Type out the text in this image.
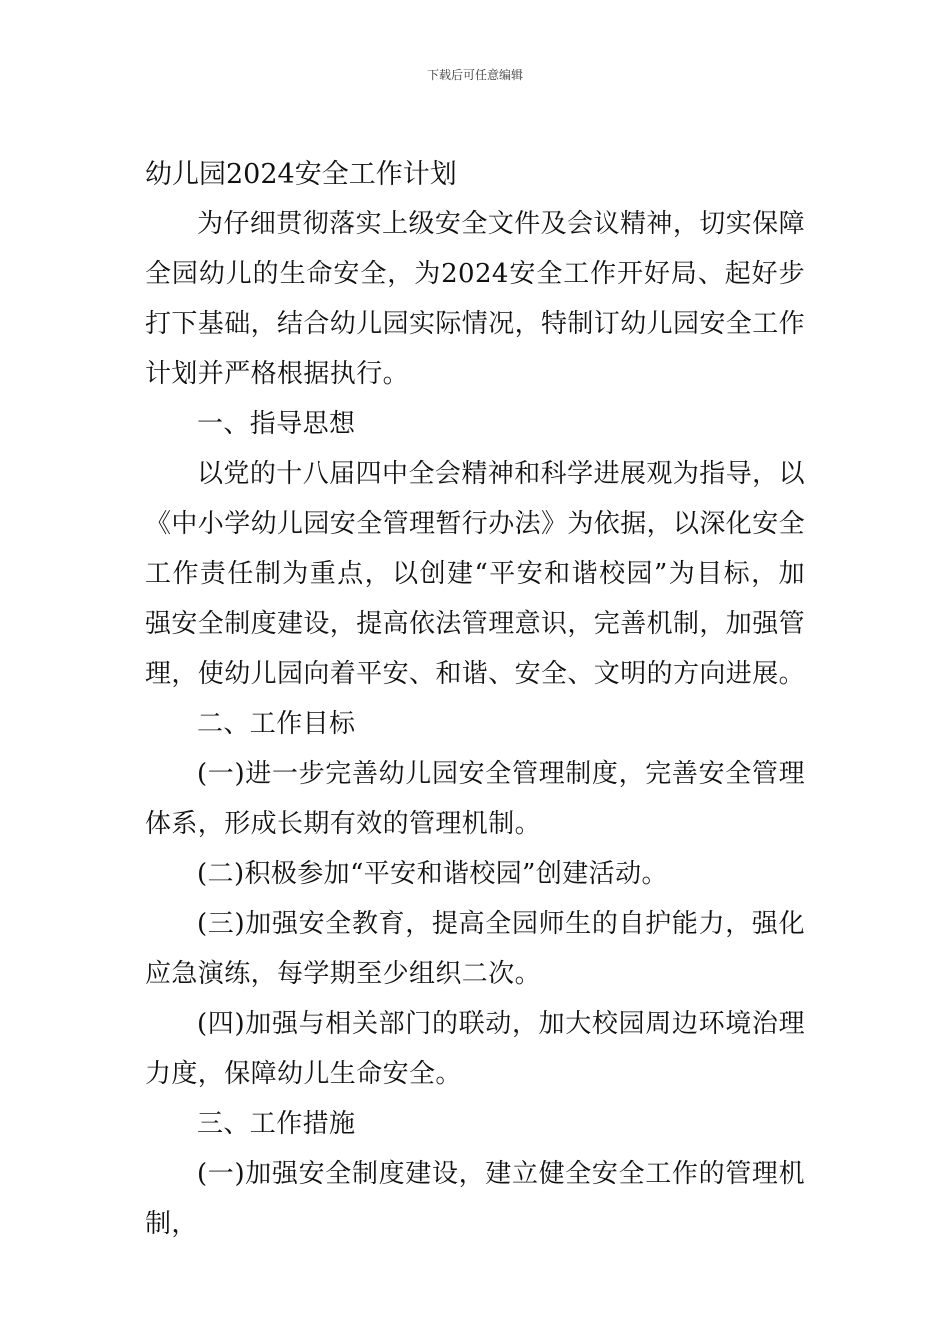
下载后可任意编辑
幼儿园2024安全工作计划

为仔细贯彻落实上级安全文件及会议精神，切实保障全园幼儿的生命安全，为2024安全工作开好局、起好步打下基础，结合幼儿园实际情况，特制订幼儿园安全工作计划并严格根据执行。

一、指导思想

以党的十八届四中全会精神和科学进展观为指导，以《中小学幼儿园安全管理暂行办法》为依据，以深化安全工作责任制为重点，以创建“平安和谐校园”为目标，加强安全制度建设，提高依法管理意识，完善机制，加强管理，使幼儿园向着平安、和谐、安全、文明的方向进展。

二、工作目标

(一)进一步完善幼儿园安全管理制度，完善安全管理体系，形成长期有效的管理机制。

(二)积极参加“平安和谐校园”创建活动。

(三)加强安全教育，提高全园师生的自护能力，强化应急演练，每学期至少组织二次。

(四)加强与相关部门的联动，加大校园周边环境治理力度，保障幼儿生命安全。

三、工作措施

(一)加强安全制度建设，建立健全安全工作的管理机制，
